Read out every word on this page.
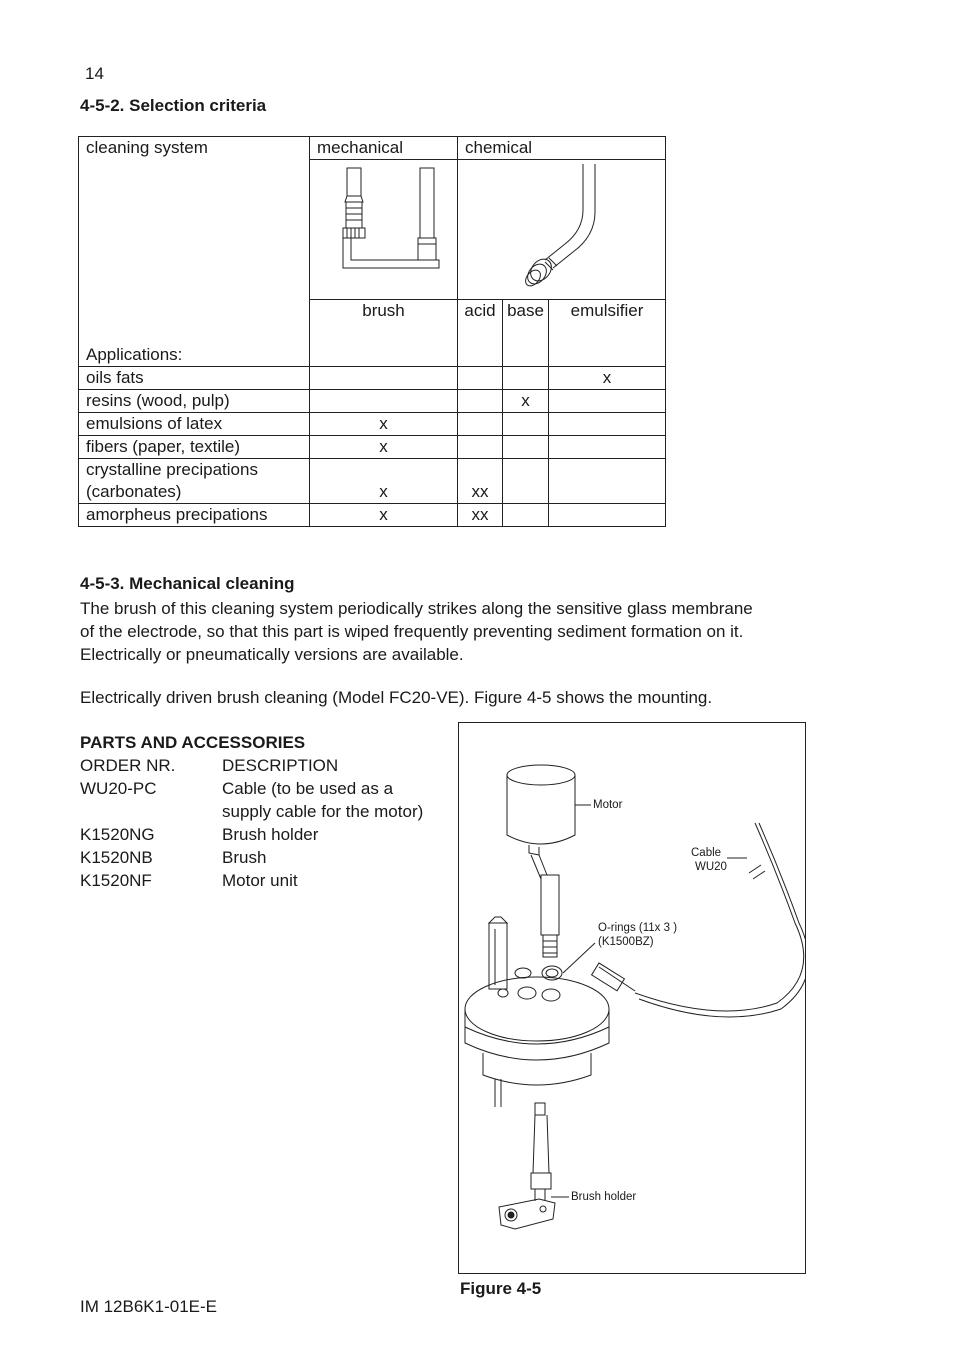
14
4-5-2. Selection criteria
cleaning system
Applications:	mechanical	chemical		

	brush	acid	base	emulsifier
oils fats				x
resins (wood, pulp)			x	
emulsions of latex	x			
fibers (paper, textile)	x			

crystalline precipations
(carbonates)	x	xx		
amorpheus precipations	x	xx		
4-5-3. Mechanical cleaning
The brush of this cleaning system periodically strikes along the sensitive glass membrane
of the electrode, so that this part is wiped frequently preventing sediment formation on it.
Electrically or pneumatically versions are available.
Electrically driven brush cleaning (Model FC20-VE). Figure 4-5 shows the mounting.
PARTS AND ACCESSORIES
ORDER NR.	DESCRIPTION
WU20-PC	Cable (to be used as a
supply cable for the motor)
K1520NG	Brush holder
K1520NB	Brush
K1520NF	Motor unit
Motor
Cable
WU20
O-rings (11x 3 )
(K1500BZ)
Brush holder
Figure 4-5
IM 12B6K1-01E-E
